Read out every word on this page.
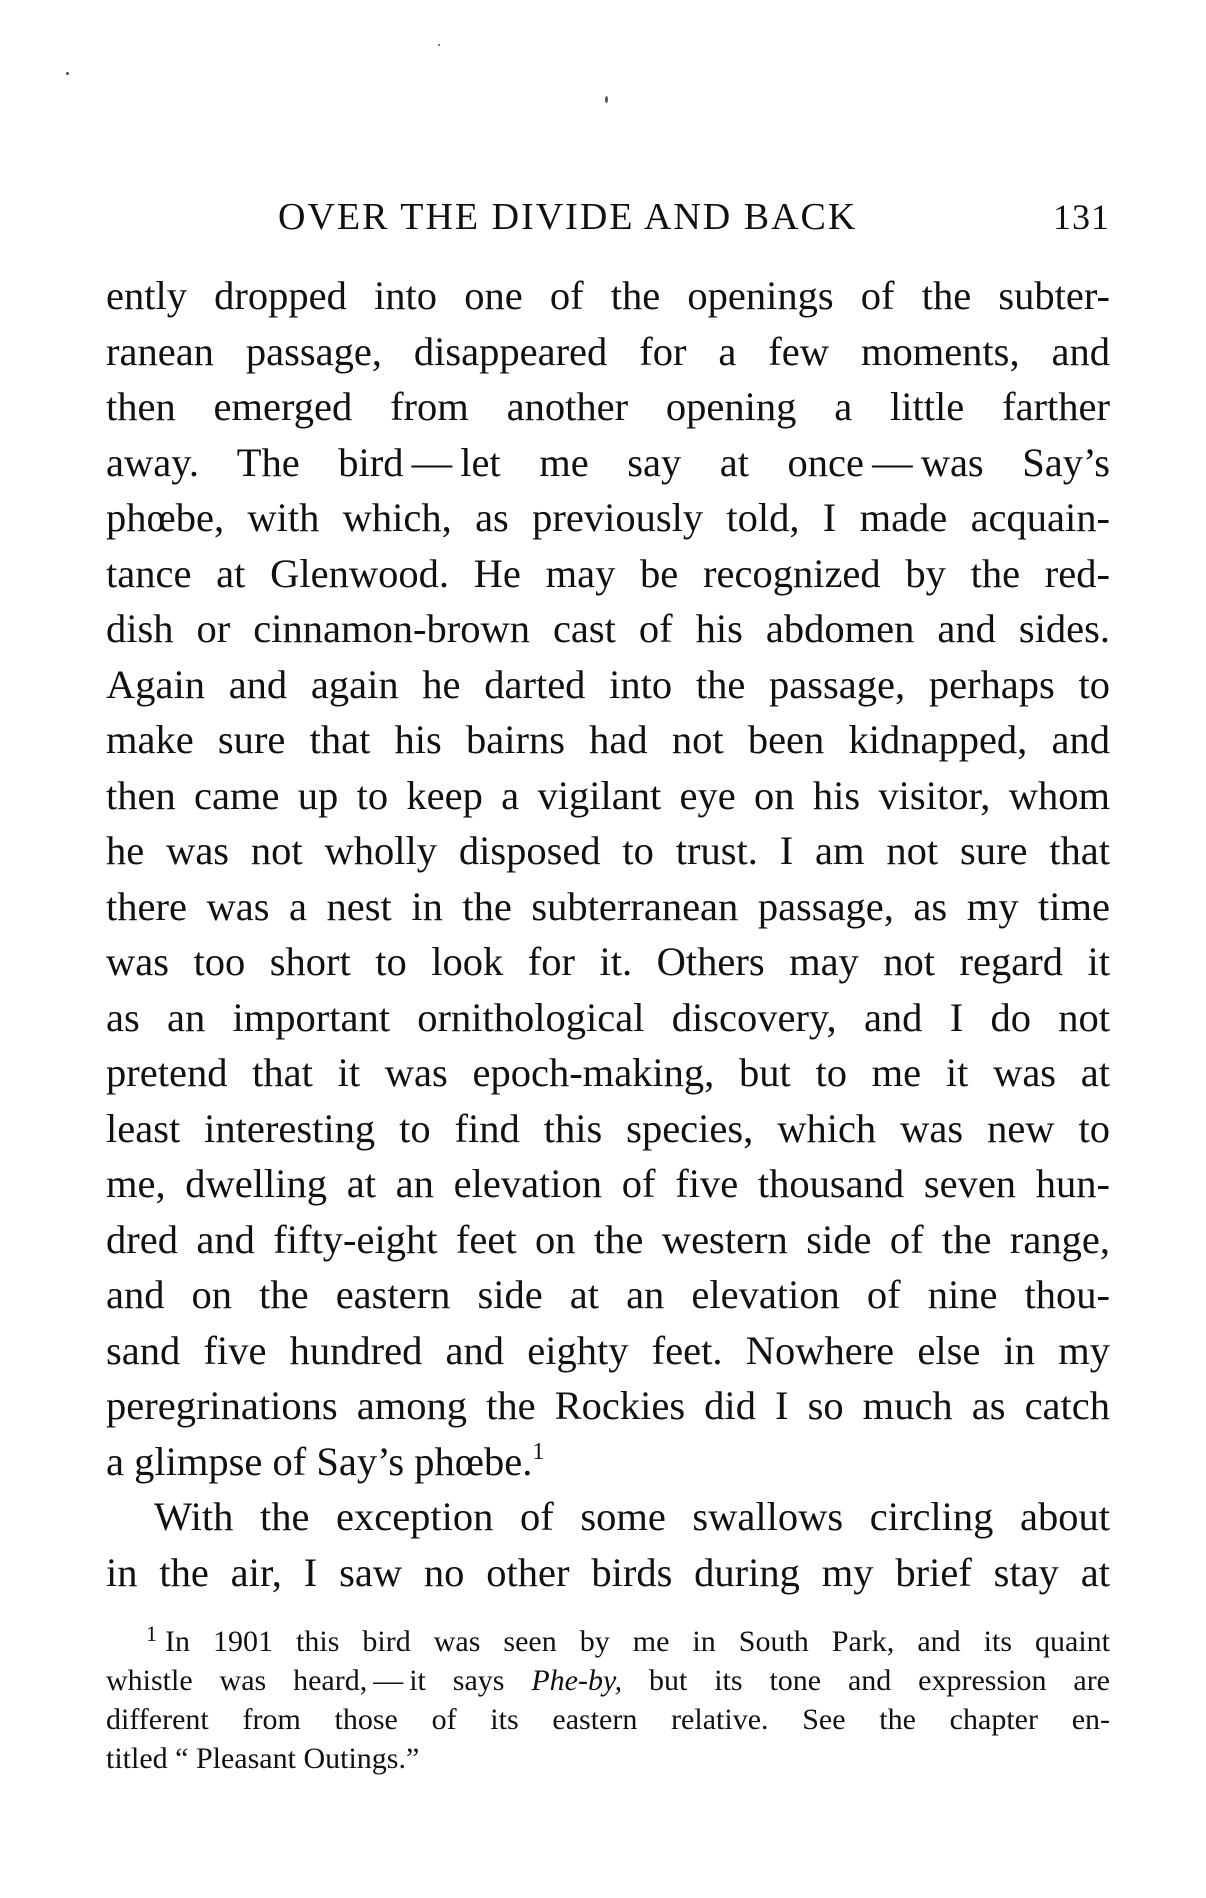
OVER THE DIVIDE AND BACK	131
ently dropped into one of the openings of the subter-
ranean passage, disappeared for a few moments, and
then emerged from another opening a little farther
away. The bird — let me say at once — was Say’s
phœbe, with which, as previously told, I made acquain-
tance at Glenwood. He may be recognized by the red-
dish or cinnamon-brown cast of his abdomen and sides.
Again and again he darted into the passage, perhaps to
make sure that his bairns had not been kidnapped, and
then came up to keep a vigilant eye on his visitor, whom
he was not wholly disposed to trust. I am not sure that
there was a nest in the subterranean passage, as my time
was too short to look for it. Others may not regard it
as an important ornithological discovery, and I do not
pretend that it was epoch-making, but to me it was at
least interesting to find this species, which was new to
me, dwelling at an elevation of five thousand seven hun-
dred and fifty-eight feet on the western side of the range,
and on the eastern side at an elevation of nine thou-
sand five hundred and eighty feet. Nowhere else in my
peregrinations among the Rockies did I so much as catch
a glimpse of Say’s phœbe.$^1$
With the exception of some swallows circling about
in the air, I saw no other birds during my brief stay at
$^1$ In 1901 this bird was seen by me in South Park, and its quaint
whistle was heard, — it says Phe-by, but its tone and expression are
different from those of its eastern relative. See the chapter en-
titled “ Pleasant Outings.”
